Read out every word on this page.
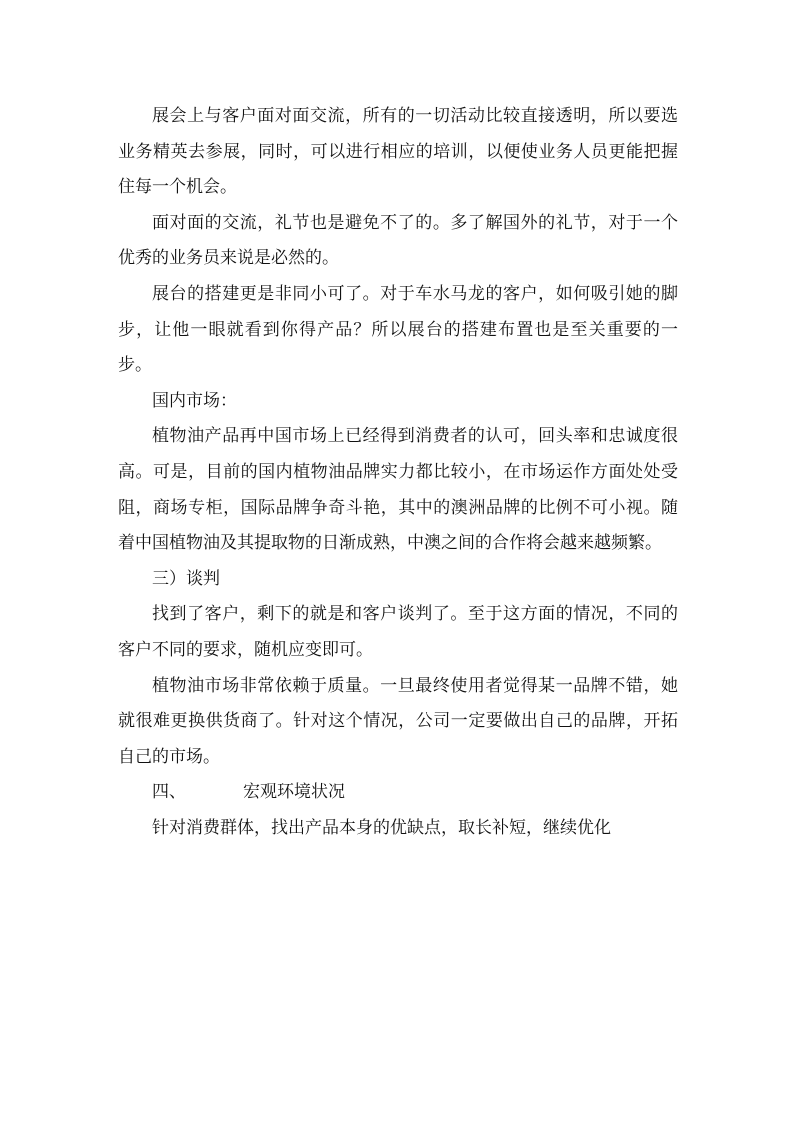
展会上与客户面对面交流，所有的一切活动比较直接透明，所以要选业务精英去参展，同时，可以进行相应的培训，以便使业务人员更能把握住每一个机会。

面对面的交流，礼节也是避免不了的。多了解国外的礼节，对于一个优秀的业务员来说是必然的。

展台的搭建更是非同小可了。对于车水马龙的客户，如何吸引她的脚步，让他一眼就看到你得产品？所以展台的搭建布置也是至关重要的一步。

国内市场：

植物油产品再中国市场上已经得到消费者的认可，回头率和忠诚度很高。可是，目前的国内植物油品牌实力都比较小，在市场运作方面处处受阻，商场专柜，国际品牌争奇斗艳，其中的澳洲品牌的比例不可小视。随着中国植物油及其提取物的日渐成熟，中澳之间的合作将会越来越频繁。

三）谈判

找到了客户，剩下的就是和客户谈判了。至于这方面的情况，不同的客户不同的要求，随机应变即可。

植物油市场非常依赖于质量。一旦最终使用者觉得某一品牌不错，她就很难更换供货商了。针对这个情况，公司一定要做出自己的品牌，开拓自己的市场。

四、	宏观环境状况

针对消费群体，找出产品本身的优缺点，取长补短，继续优化
